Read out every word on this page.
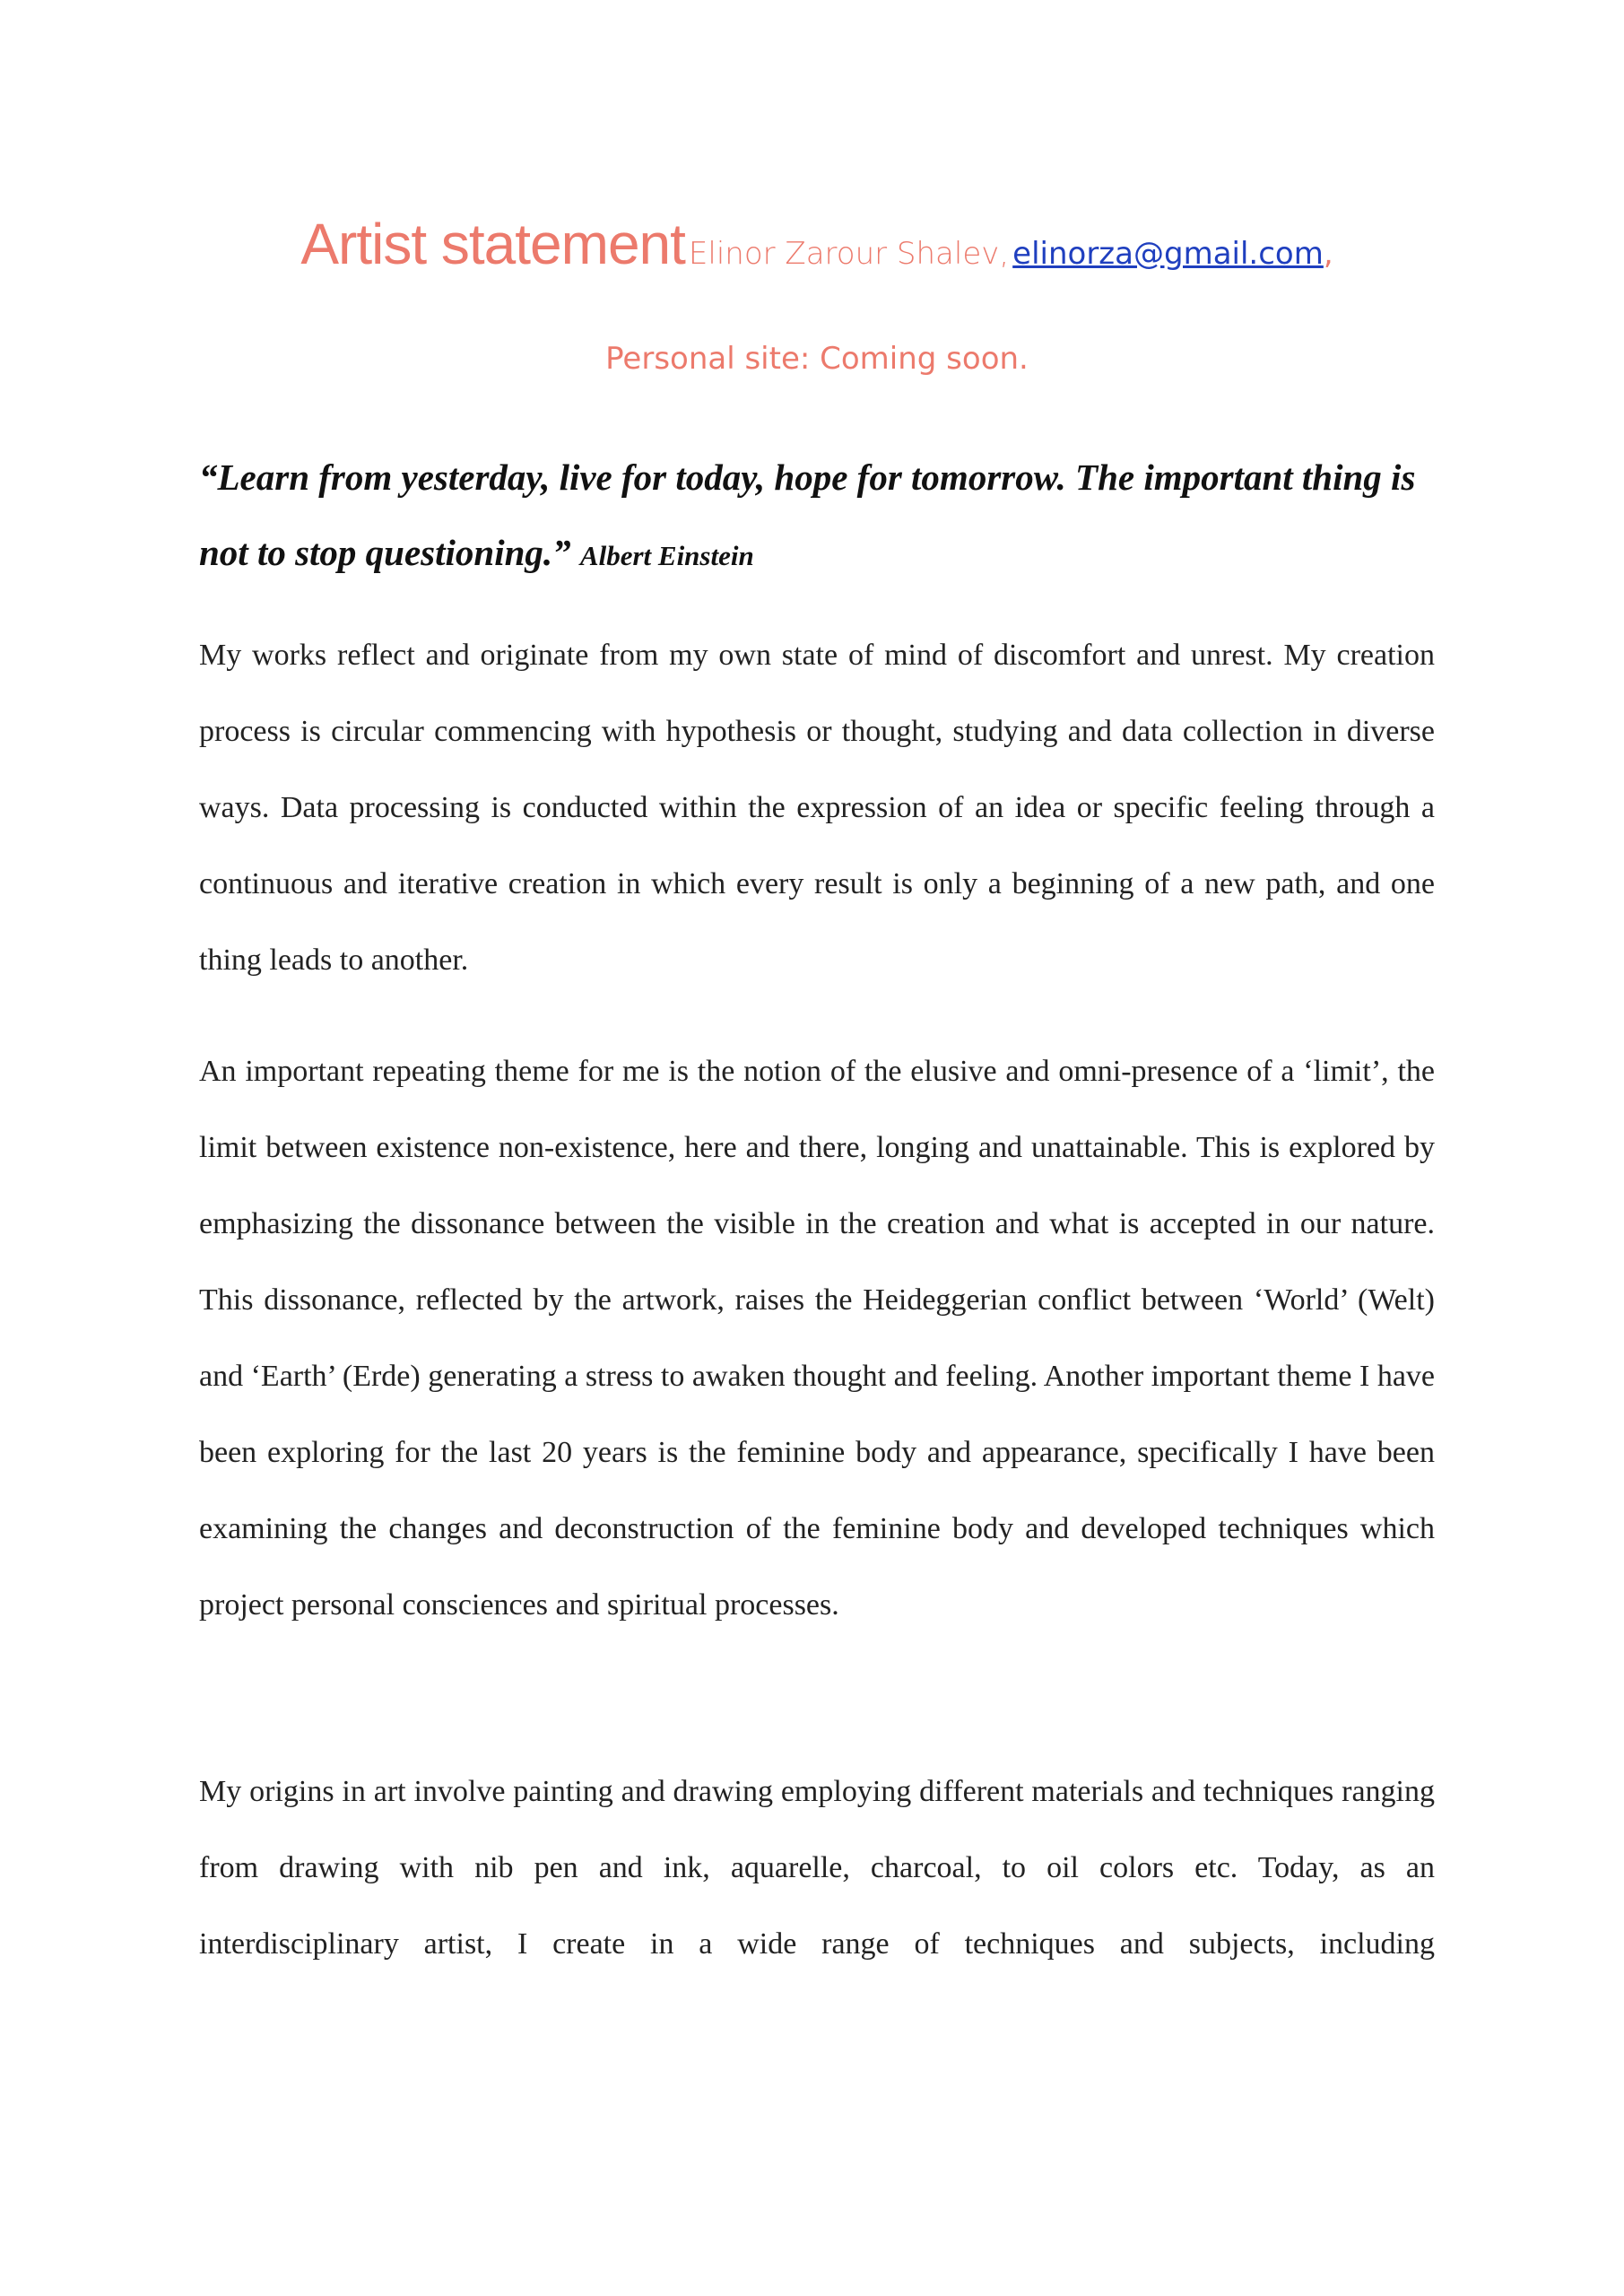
Artist statement Elinor Zarour Shalev, elinorza@gmail.com,
Personal site: Coming soon.

“Learn from yesterday, live for today, hope for tomorrow. The important thing is not to stop questioning.” Albert Einstein

My works reflect and originate from my own state of mind of discomfort and unrest. My creation process is circular commencing with hypothesis or thought, studying and data collection in diverse ways. Data processing is conducted within the expression of an idea or specific feeling through a continuous and iterative creation in which every result is only a beginning of a new path, and one thing leads to another.

An important repeating theme for me is the notion of the elusive and omni-presence of a ‘limit’, the limit between existence non-existence, here and there, longing and unattainable. This is explored by emphasizing the dissonance between the visible in the creation and what is accepted in our nature. This dissonance, reflected by the artwork, raises the Heideggerian conflict between ‘World’ (Welt) and ‘Earth’ (Erde) generating a stress to awaken thought and feeling. Another important theme I have been exploring for the last 20 years is the feminine body and appearance, specifically I have been examining the changes and deconstruction of the feminine body and developed techniques which project personal consciences and spiritual processes.

My origins in art involve painting and drawing employing different materials and techniques ranging from drawing with nib pen and ink, aquarelle, charcoal, to oil colors etc. Today, as an interdisciplinary artist, I create in a wide range of techniques and subjects, including
